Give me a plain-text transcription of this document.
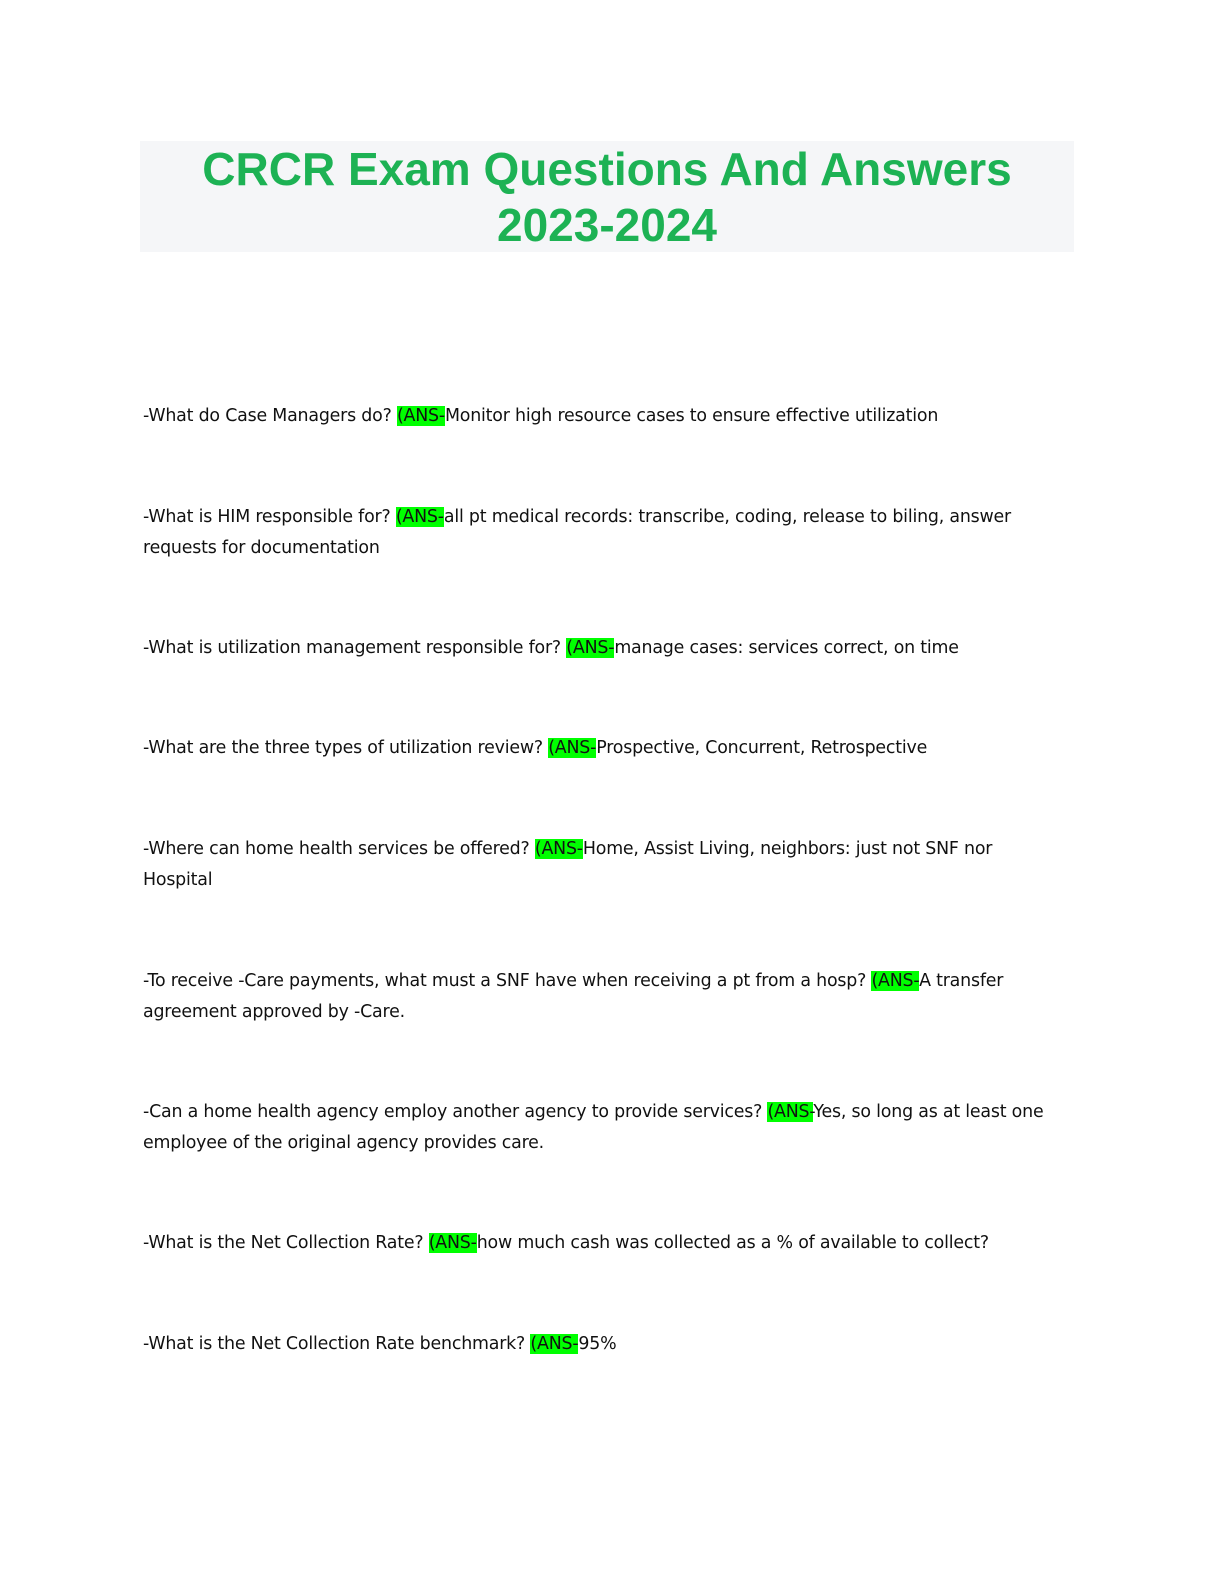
CRCR Exam Questions And Answers
2023-2024
-What do Case Managers do? (ANS-Monitor high resource cases to ensure effective utilization
-What is HIM responsible for? (ANS-all pt medical records: transcribe, coding, release to biling, answer requests for documentation
-What is utilization management responsible for? (ANS-manage cases: services correct, on time
-What are the three types of utilization review? (ANS-Prospective, Concurrent, Retrospective
-Where can home health services be offered? (ANS-Home, Assist Living, neighbors: just not SNF nor Hospital
-To receive -Care payments, what must a SNF have when receiving a pt from a hosp? (ANS-A transfer agreement approved by -Care.
-Can a home health agency employ another agency to provide services? (ANS-Yes, so long as at least one employee of the original agency provides care.
-What is the Net Collection Rate? (ANS-how much cash was collected as a % of available to collect?
-What is the Net Collection Rate benchmark? (ANS-95%
